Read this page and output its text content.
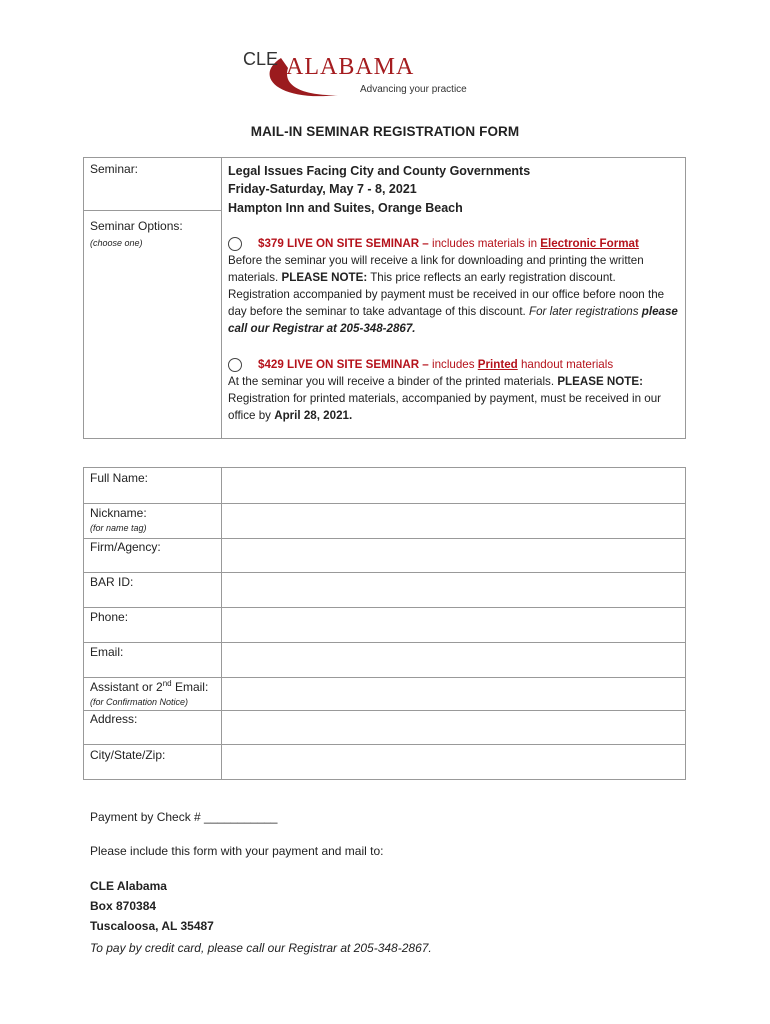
CLE ALABAMA
Advancing your practice
MAIL-IN SEMINAR REGISTRATION FORM
Seminar:
Seminar Options:
(choose one)
Legal Issues Facing City and County Governments
Friday-Saturday, May 7 - 8, 2021
Hampton Inn and Suites, Orange Beach
$379
LIVE ON SITE SEMINAR –
includes materials in
Electronic Format
Before the seminar you will receive a link for downloading and printing the written materials. PLEASE NOTE: This price reflects an early registration discount. Registration accompanied by payment must be received in our office before noon the day before the seminar to take advantage of this discount. For later registrations please call our Registrar at 205-348-2867.
$429
LIVE ON SITE SEMINAR –
includes
Printed
handout materials
At the seminar you will receive a binder of the printed materials. PLEASE NOTE: Registration for printed materials, accompanied by payment, must be received in our office by April 28, 2021.
Full Name:
Nickname:
(for name tag)
Firm/Agency:
BAR ID:
Phone:
Email:
Assistant or 2nd Email:
(for Confirmation Notice)
Address:
City/State/Zip:
Payment by Check # ___________
Please include this form with your payment and mail to:
CLE Alabama
Box 870384
Tuscaloosa, AL 35487
To pay by credit card, please call our Registrar at 205-348-2867.
